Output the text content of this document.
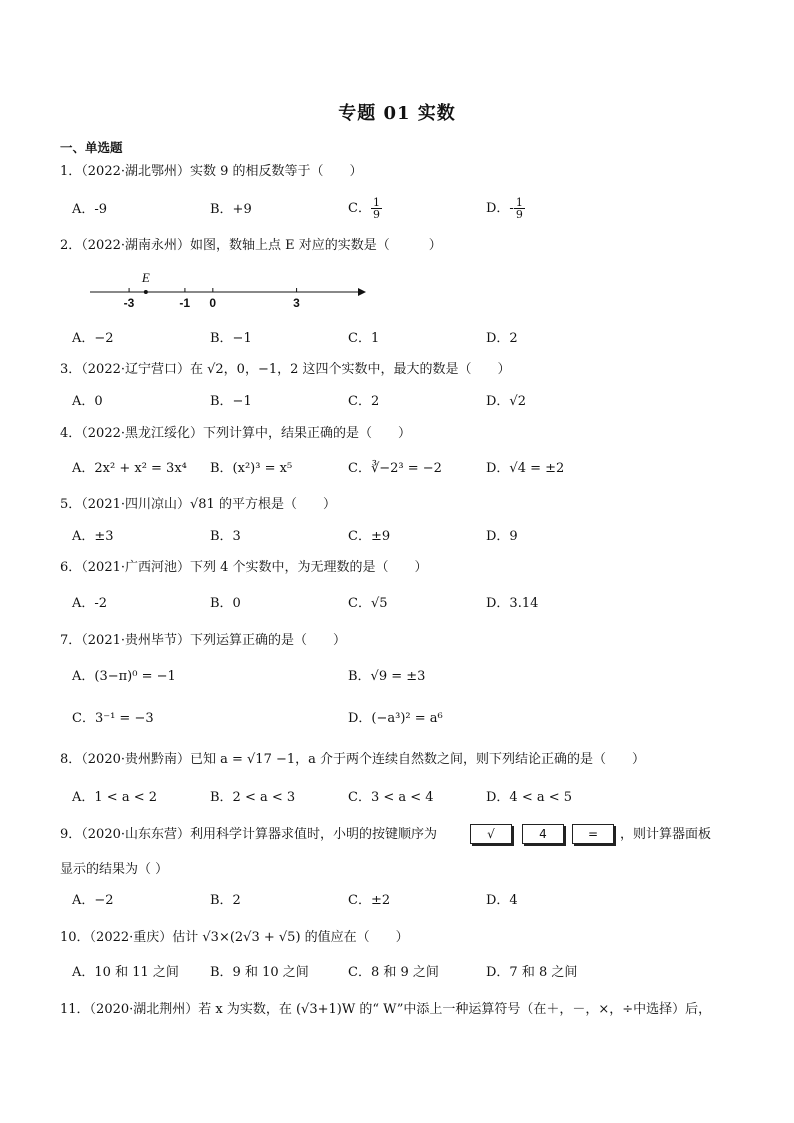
专题 01 实数
一、单选题
1．（2022·湖北鄂州）实数 9 的相反数等于（　　）
A．-9	B．+9	C． $\frac{1}{9}$	D．- $\frac{1}{9}$
2．（2022·湖南永州）如图，数轴上点 E 对应的实数是（　　　）
-3	-1 0	3
E
A．−2	B．−1	C．1	D．2
3．（2022·辽宁营口）在 √2，0，−1，2 这四个实数中，最大的数是（　　）
A．0	B．−1	C．2	D．√2
4．（2022·黑龙江绥化）下列计算中，结果正确的是（　　）
A．2x² + x² = 3x⁴ B．(x²)³ = x⁵	C．∛−2³ = −2	D．√4 = ±2
5．（2021·四川凉山）√81 的平方根是（　　）
A．±3	B．3	C．±9	D．9
6．（2021·广西河池）下列 4 个实数中，为无理数的是（　　）
A．-2	B．0	C．√5	D．3.14
7．（2021·贵州毕节）下列运算正确的是（　　）
A．(3−π)⁰ = −1	B．√9 = ±3
C．3⁻¹ = −3	D．(−a³)² = a⁶
8．（2020·贵州黔南）已知 a = √17 −1，a 介于两个连续自然数之间，则下列结论正确的是（　　）
A．1 < a < 2	B．2 < a < 3	C．3 < a < 4	D．4 < a < 5
9．（2020·山东东营）利用科学计算器求值时，小明的按键顺序为	√	4	=	，则计算器面板
显示的结果为（ ）
A．−2	B．2	C．±2	D．4
10．（2022·重庆）估计 √3×(2√3 + √5) 的值应在（　　）
A．10 和 11 之间 B．9 和 10 之间	C．8 和 9 之间	D．7 和 8 之间
11．（2020·湖北荆州）若 x 为实数，在 (√3+1)W 的“ W”中添上一种运算符号（在＋，－，×，÷中选择）后，
